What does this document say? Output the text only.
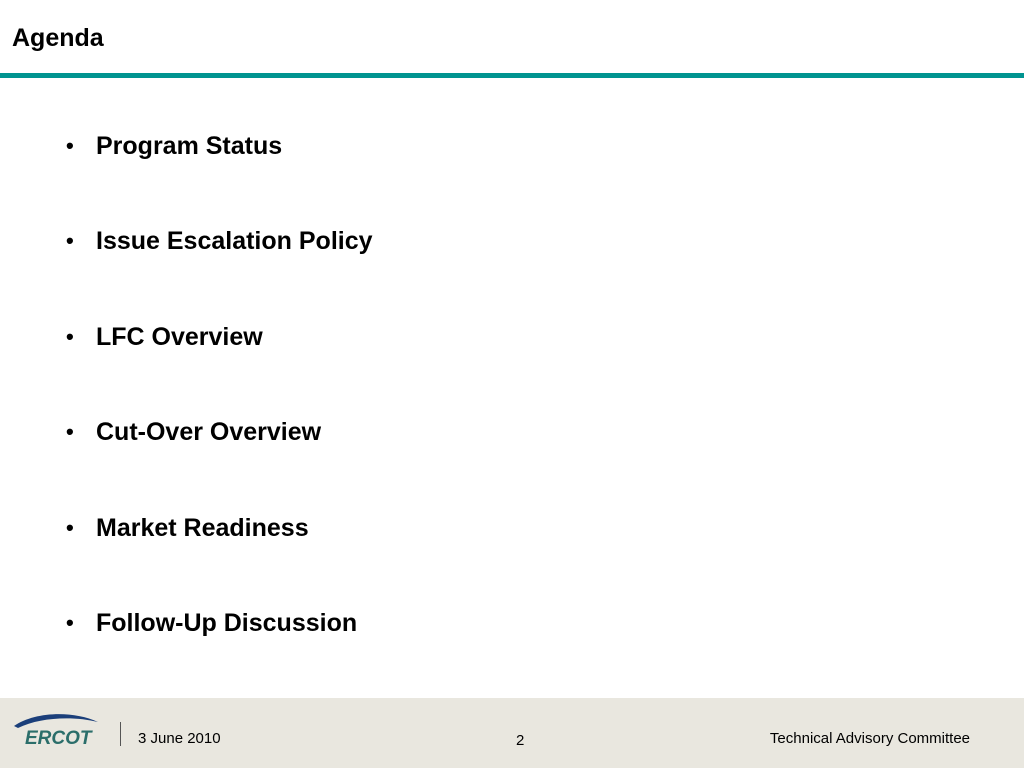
Agenda
• Program Status
• Issue Escalation Policy
• LFC Overview
• Cut-Over Overview
• Market Readiness
• Follow-Up Discussion
ERCOT	3 June 2010	2	Technical Advisory Committee
